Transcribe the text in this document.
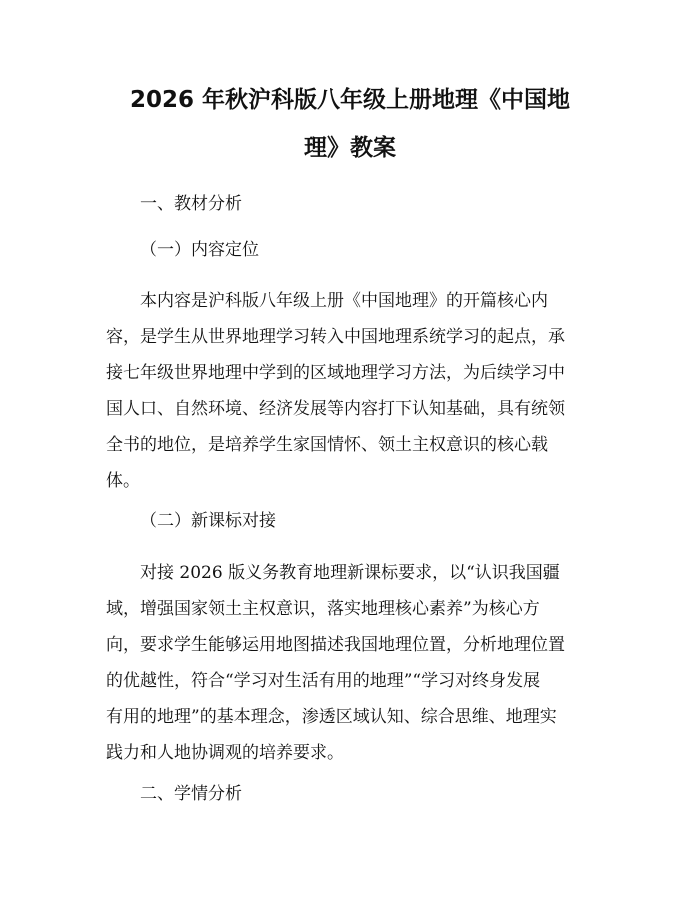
2026 年秋沪科版八年级上册地理《中国地
理》教案

一、教材分析

（一）内容定位

本内容是沪科版八年级上册《中国地理》的开篇核心内
容，是学生从世界地理学习转入中国地理系统学习的起点，承
接七年级世界地理中学到的区域地理学习方法，为后续学习中
国人口、自然环境、经济发展等内容打下认知基础，具有统领
全书的地位，是培养学生家国情怀、领土主权意识的核心载
体。

（二）新课标对接

对接 2026 版义务教育地理新课标要求，以“认识我国疆
域，增强国家领土主权意识，落实地理核心素养”为核心方
向，要求学生能够运用地图描述我国地理位置，分析地理位置
的优越性，符合“学习对生活有用的地理”“学习对终身发展
有用的地理”的基本理念，渗透区域认知、综合思维、地理实
践力和人地协调观的培养要求。

二、学情分析
